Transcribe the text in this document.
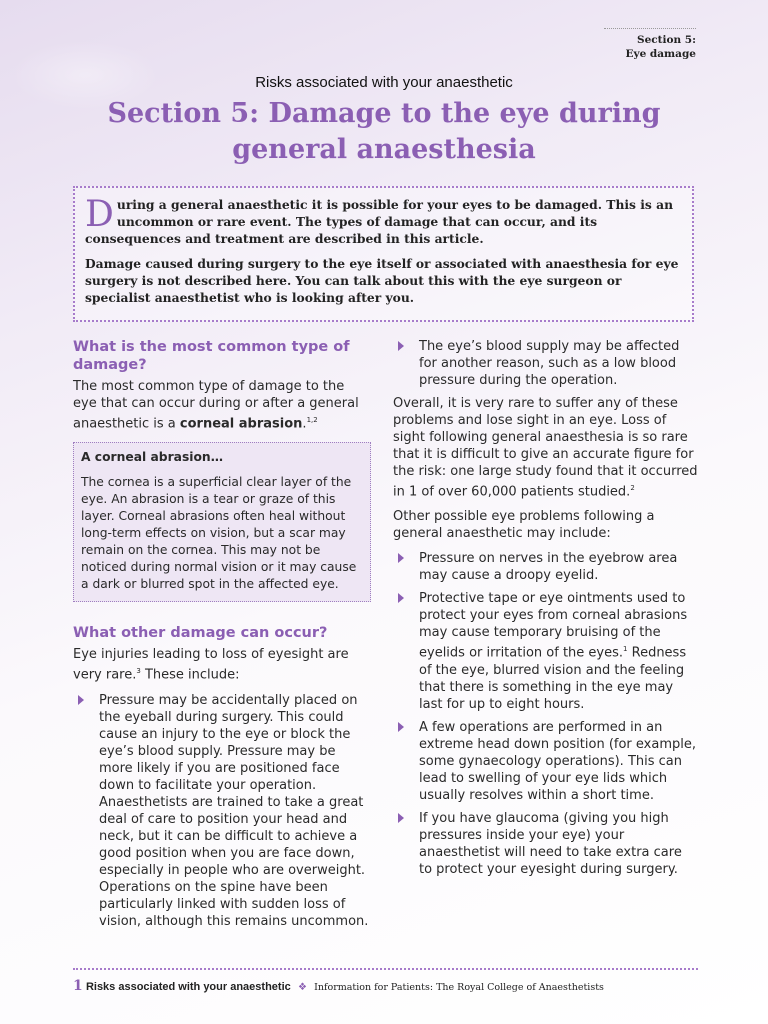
Section 5:
Eye damage
Risks associated with your anaesthetic
Section 5: Damage to the eye during general anaesthesia

During a general anaesthetic it is possible for your eyes to be damaged. This is an uncommon or rare event. The types of damage that can occur, and its consequences and treatment are described in this article.

Damage caused during surgery to the eye itself or associated with anaesthesia for eye surgery is not described here. You can talk about this with the eye surgeon or specialist anaesthetist who is looking after you.

What is the most common type of damage?

The most common type of damage to the eye that can occur during or after a general anaesthetic is a corneal abrasion.$^{1,2}$

A corneal abrasion…
The cornea is a superficial clear layer of the eye. An abrasion is a tear or graze of this layer. Corneal abrasions often heal without long-term effects on vision, but a scar may remain on the cornea. This may not be noticed during normal vision or it may cause a dark or blurred spot in the affected eye.
What other damage can occur?

Eye injuries leading to loss of eyesight are very rare.$^3$ These include:

Pressure may be accidentally placed on the eyeball during surgery. This could cause an injury to the eye or block the eye’s blood supply. Pressure may be more likely if you are positioned face down to facilitate your operation. Anaesthetists are trained to take a great deal of care to position your head and neck, but it can be difficult to achieve a good position when you are face down, especially in people who are overweight. Operations on the spine have been particularly linked with sudden loss of vision, although this remains uncommon.
The eye’s blood supply may be affected for another reason, such as a low blood pressure during the operation.

Overall, it is very rare to suffer any of these problems and lose sight in an eye. Loss of sight following general anaesthesia is so rare that it is difficult to give an accurate figure for the risk: one large study found that it occurred in 1 of over 60,000 patients studied.$^2$

Other possible eye problems following a general anaesthetic may include:

Pressure on nerves in the eyebrow area may cause a droopy eyelid.
Protective tape or eye ointments used to protect your eyes from corneal abrasions may cause temporary bruising of the eyelids or irritation of the eyes.$^1$ Redness of the eye, blurred vision and the feeling that there is something in the eye may last for up to eight hours.
A few operations are performed in an extreme head down position (for example, some gynaecology operations). This can lead to swelling of your eye lids which usually resolves within a short time.
If you have glaucoma (giving you high pressures inside your eye) your anaesthetist will need to take extra care to protect your eyesight during surgery.
1 Risks associated with your anaesthetic ❖ Information for Patients: The Royal College of Anaesthetists
